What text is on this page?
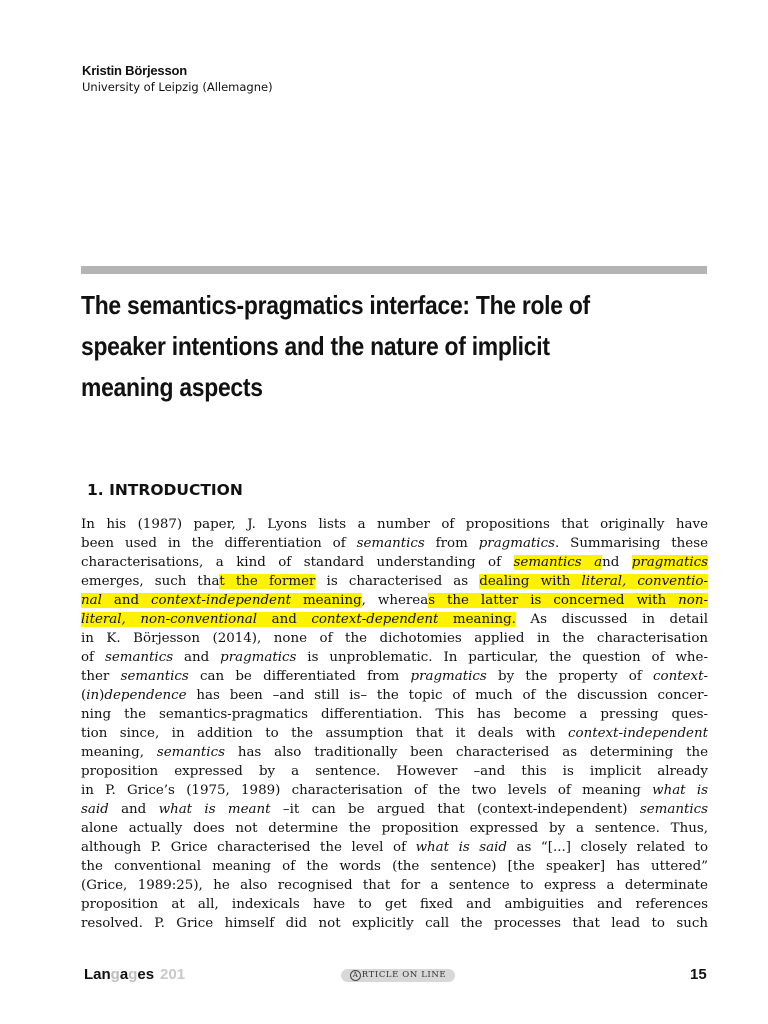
Kristin Börjesson
University of Leipzig (Allemagne)
The semantics-pragmatics interface: The role of
speaker intentions and the nature of implicit
meaning aspects
1. INTRODUCTION
In his (1987) paper, J. Lyons lists a number of propositions that originally have
been used in the differentiation of semantics from pragmatics. Summarising these
characterisations, a kind of standard understanding of semantics and pragmatics
emerges, such that the former is characterised as dealing with literal, conventio-
nal and context-independent meaning, whereas the latter is concerned with non-
literal, non-conventional and context-dependent meaning. As discussed in detail
in K. Börjesson (2014), none of the dichotomies applied in the characterisation
of semantics and pragmatics is unproblematic. In particular, the question of whe-
ther semantics can be differentiated from pragmatics by the property of context-
(in)dependence has been –and still is– the topic of much of the discussion concer-
ning the semantics-pragmatics differentiation. This has become a pressing ques-
tion since, in addition to the assumption that it deals with context-independent
meaning, semantics has also traditionally been characterised as determining the
proposition expressed by a sentence. However –and this is implicit already
in P. Grice’s (1975, 1989) characterisation of the two levels of meaning what is
said and what is meant –it can be argued that (context-independent) semantics
alone actually does not determine the proposition expressed by a sentence. Thus,
although P. Grice characterised the level of what is said as “[...] closely related to
the conventional meaning of the words (the sentence) [the speaker] has uttered”
(Grice, 1989:25), he also recognised that for a sentence to express a determinate
proposition at all, indexicals have to get fixed and ambiguities and references
resolved. P. Grice himself did not explicitly call the processes that lead to such
Langages 201	A RTICLE ON LINE	15
